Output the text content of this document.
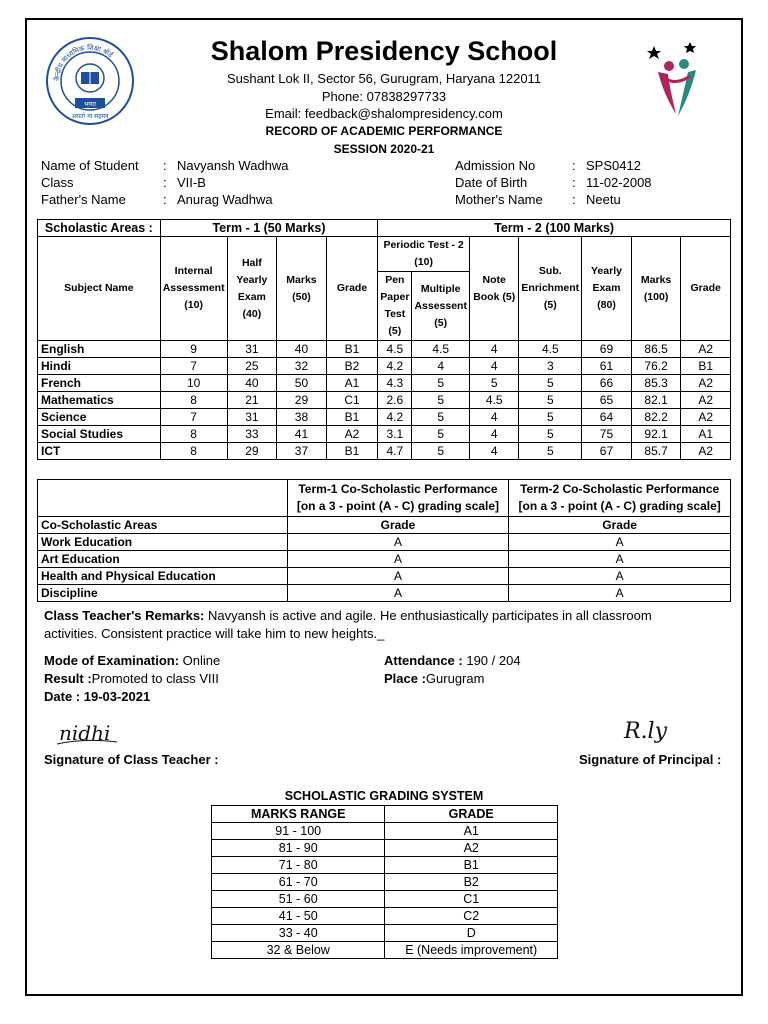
केन्द्रीय माध्यमिक शिक्षा बोर्ड
भारत
असतो मा सद्गमय
Shalom Presidency School
Sushant Lok II, Sector 56, Gurugram, Haryana 122011
Phone: 07838297733
Email: feedback@shalompresidency.com
RECORD OF ACADEMIC PERFORMANCE
SESSION 2020-21
Name of Student : Navyansh Wadhwa
Class	: VII-B
Father's Name	: Anurag Wadhwa
Admission No	: SPS0412
Date of Birth	: 11-02-2008
Mother's Name : Neetu
Scholastic Areas :	Term - 1 (50 Marks)				Term - 2 (100 Marks)						
Subject Name	Internal Assessment (10)	Half Yearly Exam (40)	Marks (50)	Grade	Periodic Test - 2 (10)		Note Book (5)	Sub. Enrichment (5)	Yearly Exam (80)	Marks (100)	Grade
					Pen Paper Test (5)	Multiple Assessent (5)					
English	9	31	40	B1	4.5	4.5	4	4.5	69	86.5	A2
Hindi	7	25	32	B2	4.2	4	4	3	61	76.2	B1
French	10	40	50	A1	4.3	5	5	5	66	85.3	A2
Mathematics	8	21	29	C1	2.6	5	4.5	5	65	82.1	A2
Science	7	31	38	B1	4.2	5	4	5	64	82.2	A2
Social Studies	8	33	41	A2	3.1	5	4	5	75	92.1	A1
ICT	8	29	37	B1	4.7	5	4	5	67	85.7	A2
	Term-1 Co-Scholastic Performance
[on a 3 - point (A - C) grading scale]	Term-2 Co-Scholastic Performance
[on a 3 - point (A - C) grading scale]
Co-Scholastic Areas	Grade	Grade
Work Education	A	A
Art Education	A	A
Health and Physical Education	A	A
Discipline	A	A
Class Teacher's Remarks: Navyansh is active and agile. He enthusiastically participates in all classroom
activities. Consistent practice will take him to new heights._
Mode of Examination: Online	Attendance : 190 / 204
Result :Promoted to class VIII	Place :Gurugram
Date : 19-03-2021
nidhi	R.ly
Signature of Class Teacher :	Signature of Principal :
SCHOLASTIC GRADING SYSTEM
MARKS RANGE	GRADE
91 - 100	A1
81 - 90	A2
71 - 80	B1
61 - 70	B2
51 - 60	C1
41 - 50	C2
33 - 40	D
32 & Below	E (Needs improvement)
